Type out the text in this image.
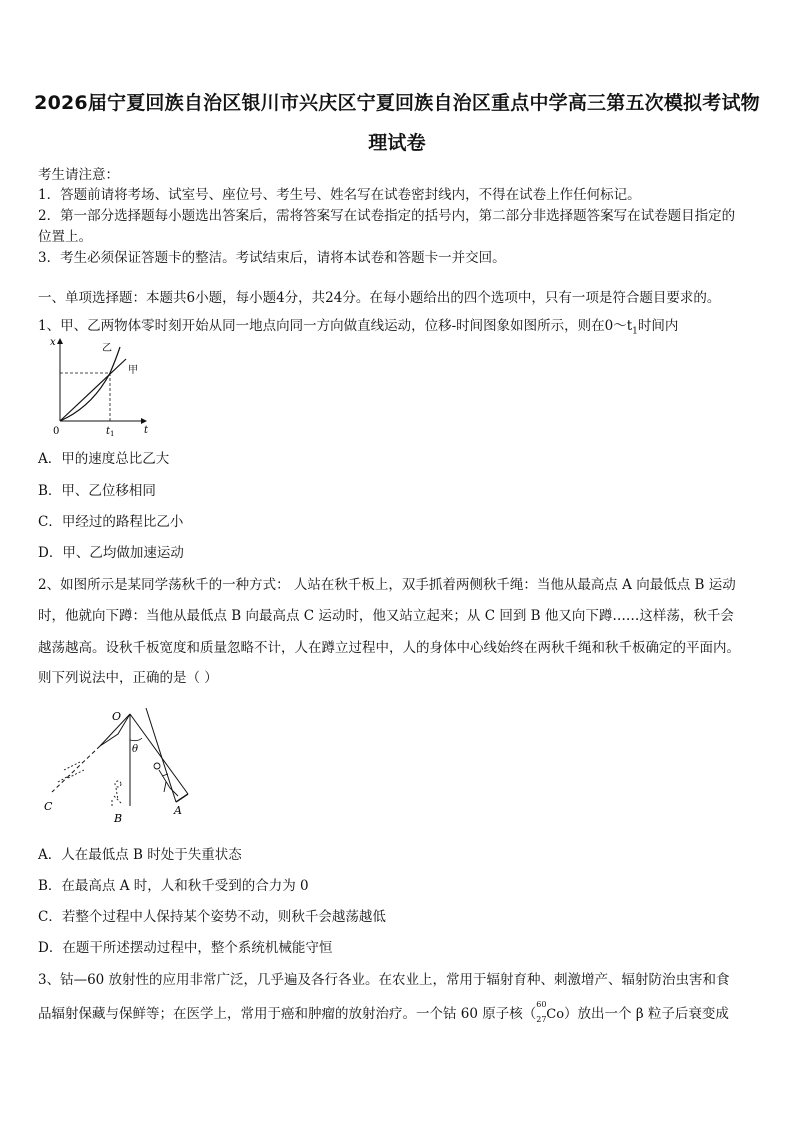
2026届宁夏回族自治区银川市兴庆区宁夏回族自治区重点中学高三第五次模拟考试物
理试卷
考生请注意：
1．答题前请将考场、试室号、座位号、考生号、姓名写在试卷密封线内，不得在试卷上作任何标记。
2．第一部分选择题每小题选出答案后，需将答案写在试卷指定的括号内，第二部分非选择题答案写在试卷题目指定的
位置上。
3．考生必须保证答题卡的整洁。考试结束后，请将本试卷和答题卡一并交回。
一、单项选择题：本题共6小题，每小题4分，共24分。在每小题给出的四个选项中，只有一项是符合题目要求的。
1、甲、乙两物体零时刻开始从同一地点向同一方向做直线运动，位移-时间图象如图所示，则在$0\sim t_1$时间内
x
t
0	$t_1$
乙
甲
A．甲的速度总比乙大
B．甲、乙位移相同
C．甲经过的路程比乙小
D．甲、乙均做加速运动
2、如图所示是某同学荡秋千的一种方式： 人站在秋千板上，双手抓着两侧秋千绳：当他从最高点 A 向最低点 B 运动
时，他就向下蹲：当他从最低点 B 向最高点 C 运动时，他又站立起来；从 C 回到 B 他又向下蹲……这样荡，秋千会
越荡越高。设秋千板宽度和质量忽略不计，人在蹲立过程中，人的身体中心线始终在两秋千绳和秋千板确定的平面内。
则下列说法中，正确的是（ ）
O
θ
A
B
C
A．人在最低点 B 时处于失重状态
B．在最高点 A 时，人和秋千受到的合力为 0
C．若整个过程中人保持某个姿势不动，则秋千会越荡越低
D．在题干所述摆动过程中，整个系统机械能守恒
3、钴—60 放射性的应用非常广泛，几乎遍及各行各业。在农业上，常用于辐射育种、刺激增产、辐射防治虫害和食
品辐射保藏与保鲜等；在医学上，常用于癌和肿瘤的放射治疗。一个钴 60 原子核（
60
27 Co）放出一个 β 粒子后衰变成
